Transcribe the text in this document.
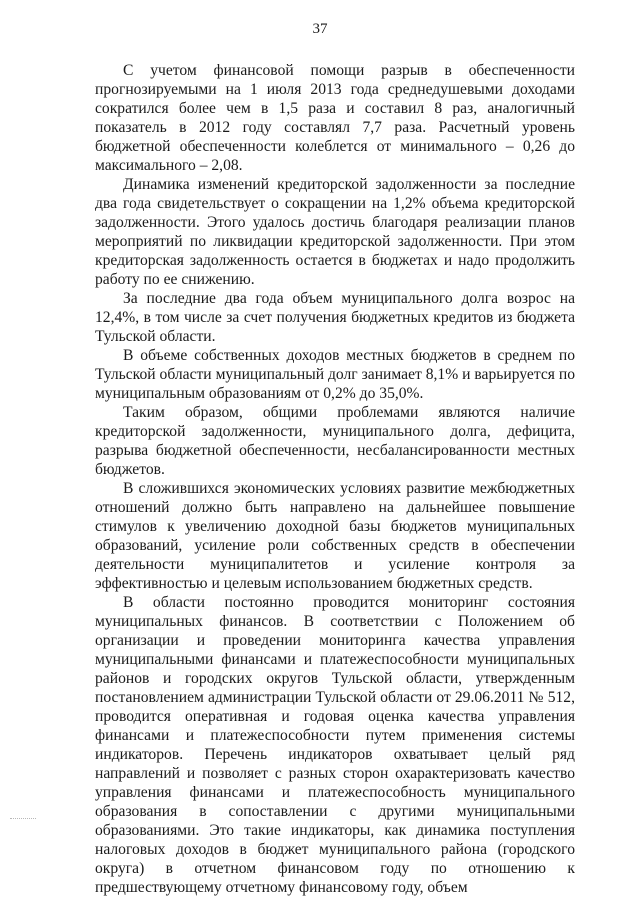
37

С учетом финансовой помощи разрыв в обеспеченности прогнозируемыми на 1 июля 2013 года среднедушевыми доходами сократился более чем в 1,5 раза и составил 8 раз, аналогичный показатель в 2012 году составлял 7,7 раза. Расчетный уровень бюджетной обеспеченности колеблется от минимального – 0,26 до максимального – 2,08.

Динамика изменений кредиторской задолженности за последние два года свидетельствует о сокращении на 1,2% объема кредиторской задолженности. Этого удалось достичь благодаря реализации планов мероприятий по ликвидации кредиторской задолженности. При этом кредиторская задолженность остается в бюджетах и надо продолжить работу по ее снижению.

За последние два года объем муниципального долга возрос на 12,4%, в том числе за счет получения бюджетных кредитов из бюджета Тульской области.

В объеме собственных доходов местных бюджетов в среднем по Тульской области муниципальный долг занимает 8,1% и варьируется по муниципальным образованиям от 0,2% до 35,0%.

Таким образом, общими проблемами являются наличие кредиторской задолженности, муниципального долга, дефицита, разрыва бюджетной обеспеченности, несбалансированности местных бюджетов.

В сложившихся экономических условиях развитие межбюджетных отношений должно быть направлено на дальнейшее повышение стимулов к увеличению доходной базы бюджетов муниципальных образований, усиление роли собственных средств в обеспечении деятельности муниципалитетов и усиление контроля за эффективностью и целевым использованием бюджетных средств.

В области постоянно проводится мониторинг состояния муниципальных финансов. В соответствии с Положением об организации и проведении мониторинга качества управления муниципальными финансами и платежеспособности муниципальных районов и городских округов Тульской области, утвержденным постановлением администрации Тульской области от 29.06.2011 № 512, проводится оперативная и годовая оценка качества управления финансами и платежеспособности путем применения системы индикаторов. Перечень индикаторов охватывает целый ряд направлений и позволяет с разных сторон охарактеризовать качество управления финансами и платежеспособность муниципального образования в сопоставлении с другими муниципальными образованиями. Это такие индикаторы, как динамика поступления налоговых доходов в бюджет муниципального района (городского округа) в отчетном финансовом году по отношению к предшествующему отчетному финансовому году, объем
